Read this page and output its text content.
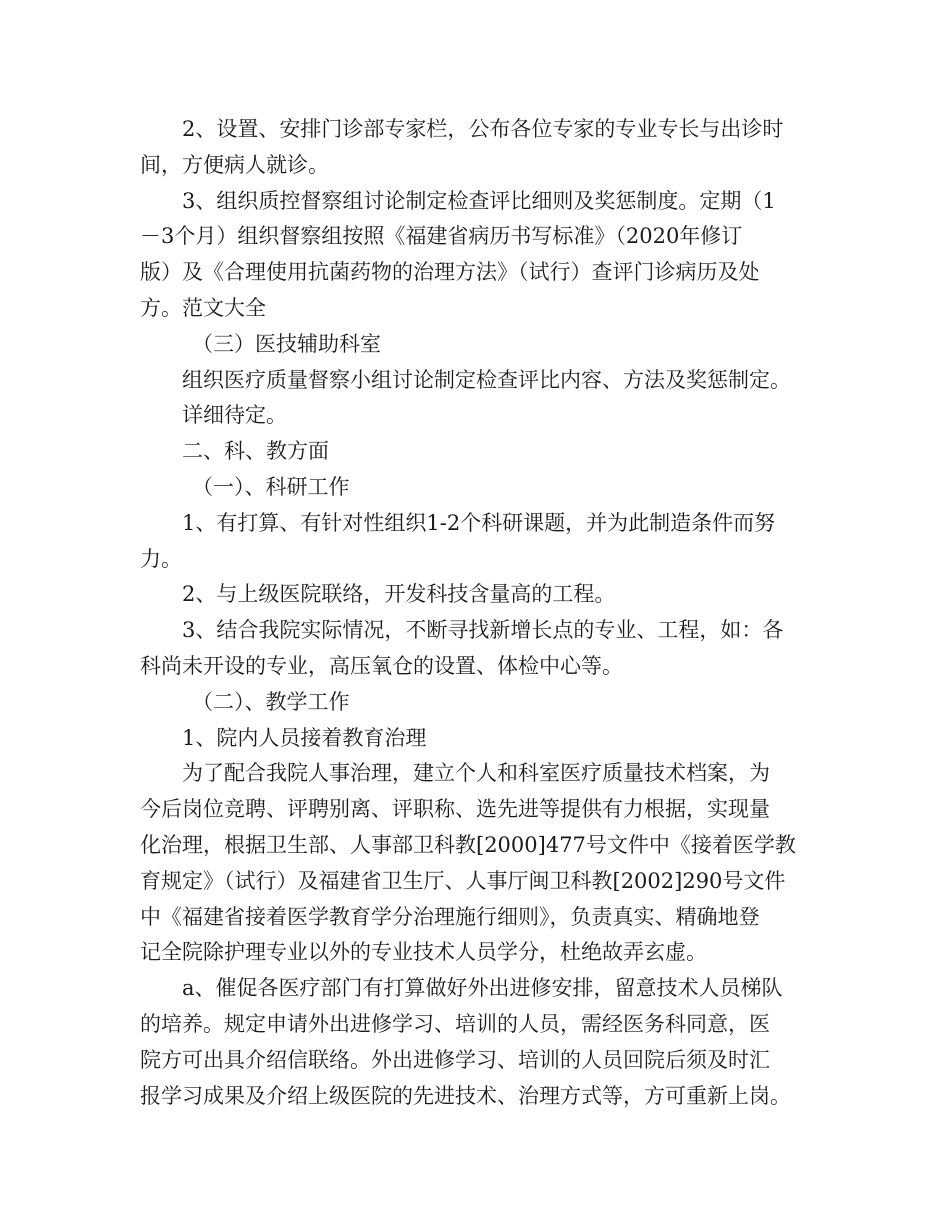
2、设置、安排门诊部专家栏，公布各位专家的专业专长与出诊时
间，方便病人就诊。
3、组织质控督察组讨论制定检查评比细则及奖惩制度。定期（1
－3个月）组织督察组按照《福建省病历书写标准》（2020年修订
版）及《合理使用抗菌药物的治理方法》（试行）查评门诊病历及处
方。范文大全
（三）医技辅助科室
组织医疗质量督察小组讨论制定检查评比内容、方法及奖惩制定。
详细待定。
二、科、教方面
（一）、科研工作
1、有打算、有针对性组织1-2个科研课题，并为此制造条件而努
力。
2、与上级医院联络，开发科技含量高的工程。
3、结合我院实际情况，不断寻找新增长点的专业、工程，如：各
科尚未开设的专业，高压氧仓的设置、体检中心等。
（二）、教学工作
1、院内人员接着教育治理
为了配合我院人事治理，建立个人和科室医疗质量技术档案，为
今后岗位竞聘、评聘别离、评职称、选先进等提供有力根据，实现量
化治理，根据卫生部、人事部卫科教[2000]477号文件中《接着医学教
育规定》（试行）及福建省卫生厅、人事厅闽卫科教[2002]290号文件
中《福建省接着医学教育学分治理施行细则》，负责真实、精确地登
记全院除护理专业以外的专业技术人员学分，杜绝故弄玄虚。
a、催促各医疗部门有打算做好外出进修安排，留意技术人员梯队
的培养。规定申请外出进修学习、培训的人员，需经医务科同意，医
院方可出具介绍信联络。外出进修学习、培训的人员回院后须及时汇
报学习成果及介绍上级医院的先进技术、治理方式等，方可重新上岗。
